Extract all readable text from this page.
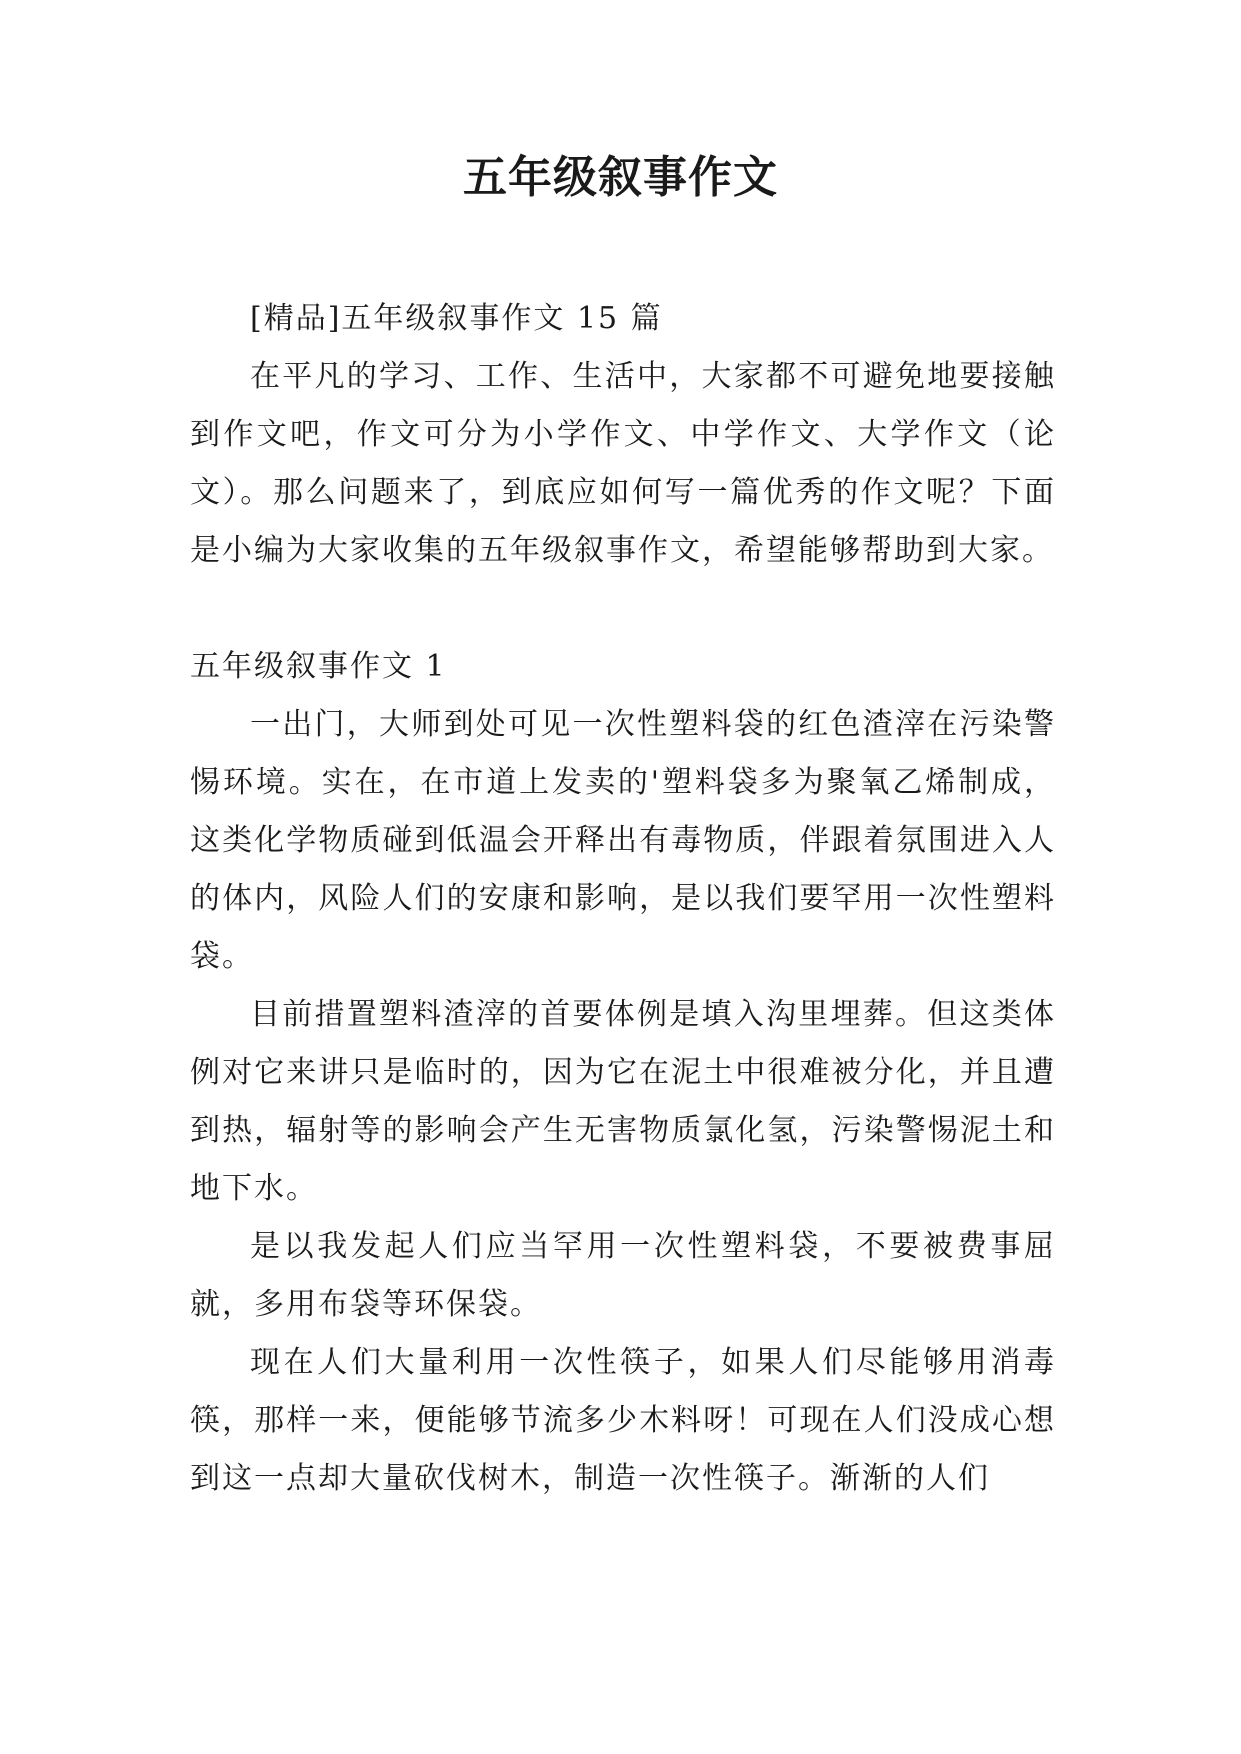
五年级叙事作文

[精品]五年级叙事作文 15 篇

在平凡的学习、工作、生活中，大家都不可避免地要接触到作文吧，作文可分为小学作文、中学作文、大学作文（论文）。那么问题来了，到底应如何写一篇优秀的作文呢？下面是小编为大家收集的五年级叙事作文，希望能够帮助到大家。

五年级叙事作文 1

一出门，大师到处可见一次性塑料袋的红色渣滓在污染警惕环境。实在，在市道上发卖的'塑料袋多为聚氧乙烯制成，这类化学物质碰到低温会开释出有毒物质，伴跟着氛围进入人的体内，风险人们的安康和影响，是以我们要罕用一次性塑料袋。

目前措置塑料渣滓的首要体例是填入沟里埋葬。但这类体例对它来讲只是临时的，因为它在泥土中很难被分化，并且遭到热，辐射等的影响会产生无害物质氯化氢，污染警惕泥土和地下水。

是以我发起人们应当罕用一次性塑料袋，不要被费事屈就，多用布袋等环保袋。

现在人们大量利用一次性筷子，如果人们尽能够用消毒筷，那样一来，便能够节流多少木料呀！可现在人们没成心想到这一点却大量砍伐树木，制造一次性筷子。渐渐的人们
